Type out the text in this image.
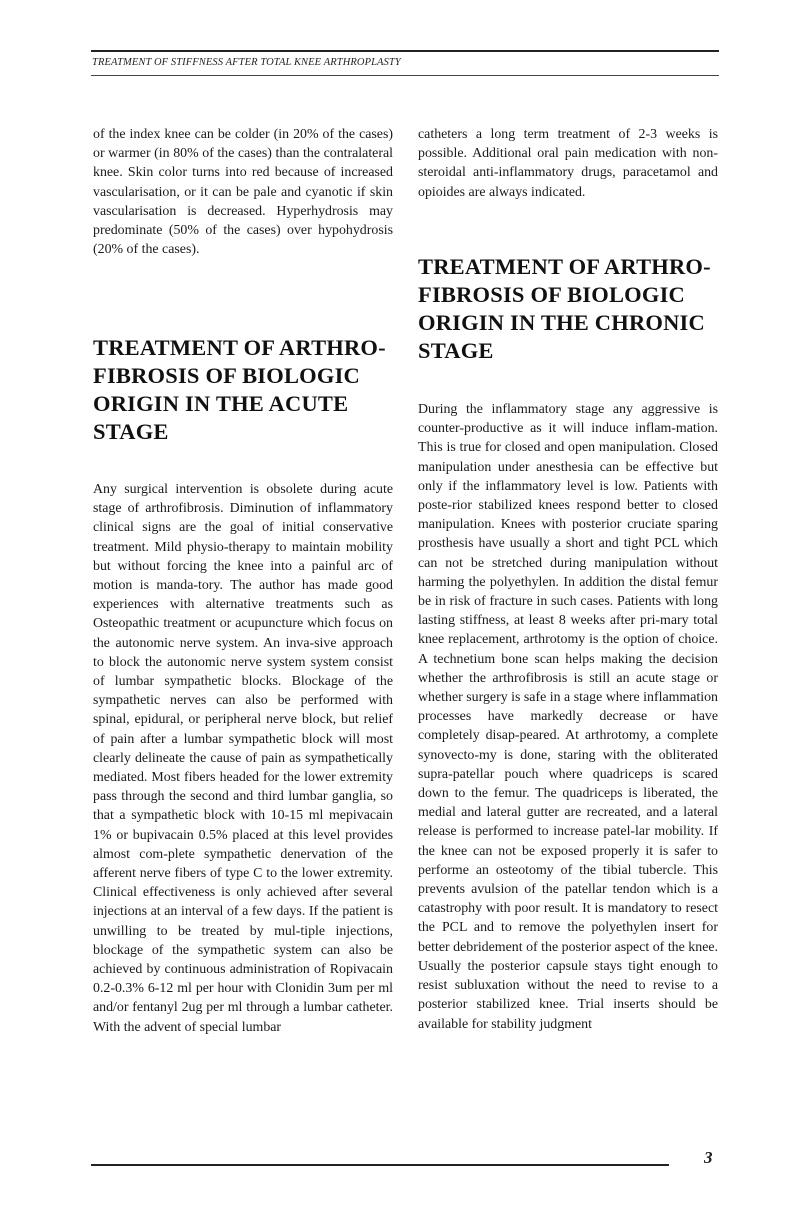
TREATMENT OF STIFFNESS AFTER TOTAL KNEE ARTHROPLASTY

of the index knee can be colder (in 20% of the cases) or warmer (in 80% of the cases) than the contralateral knee. Skin color turns into red because of increased vascularisation, or it can be pale and cyanotic if skin vascularisation is decreased. Hyperhydrosis may predominate (50% of the cases) over hypohydrosis (20% of the cases).

TREATMENT OF ARTHRO-FIBROSIS OF BIOLOGIC ORIGIN IN THE ACUTE STAGE

Any surgical intervention is obsolete during acute stage of arthrofibrosis. Diminution of inflammatory clinical signs are the goal of initial conservative treatment. Mild physio-therapy to maintain mobility but without forcing the knee into a painful arc of motion is manda-tory. The author has made good experiences with alternative treatments such as Osteopathic treatment or acupuncture which focus on the autonomic nerve system. An inva-sive approach to block the autonomic nerve system system consist of lumbar sympathetic blocks. Blockage of the sympathetic nerves can also be performed with spinal, epidural, or peripheral nerve block, but relief of pain after a lumbar sympathetic block will most clearly delineate the cause of pain as sympathetically mediated. Most fibers headed for the lower extremity pass through the second and third lumbar ganglia, so that a sympathetic block with 10-15 ml mepivacain 1% or bupivacain 0.5% placed at this level provides almost com-plete sympathetic denervation of the afferent nerve fibers of type C to the lower extremity. Clinical effectiveness is only achieved after several injections at an interval of a few days. If the patient is unwilling to be treated by mul-tiple injections, blockage of the sympathetic system can also be achieved by continuous administration of Ropivacain 0.2-0.3% 6-12 ml per hour with Clonidin 3um per ml and/or fentanyl 2ug per ml through a lumbar catheter. With the advent of special lumbar

catheters a long term treatment of 2-3 weeks is possible. Additional oral pain medication with non-steroidal anti-inflammatory drugs, paracetamol and opioides are always indicated.

TREATMENT OF ARTHRO-FIBROSIS OF BIOLOGIC ORIGIN IN THE CHRONIC STAGE

During the inflammatory stage any aggressive is counter-productive as it will induce inflam-mation. This is true for closed and open manipulation. Closed manipulation under anesthesia can be effective but only if the inflammatory level is low. Patients with poste-rior stabilized knees respond better to closed manipulation. Knees with posterior cruciate sparing prosthesis have usually a short and tight PCL which can not be stretched during manipulation without harming the polyethylen. In addition the distal femur be in risk of fracture in such cases. Patients with long lasting stiffness, at least 8 weeks after pri-mary total knee replacement, arthrotomy is the option of choice. A technetium bone scan helps making the decision whether the arthrofibrosis is still an acute stage or whether surgery is safe in a stage where inflammation processes have markedly decrease or have completely disap-peared. At arthrotomy, a complete synovecto-my is done, staring with the obliterated supra-patellar pouch where quadriceps is scared down to the femur. The quadriceps is liberated, the medial and lateral gutter are recreated, and a lateral release is performed to increase patel-lar mobility. If the knee can not be exposed properly it is safer to performe an osteotomy of the tibial tubercle. This prevents avulsion of the patellar tendon which is a catastrophy with poor result. It is mandatory to resect the PCL and to remove the polyethylen insert for better debridement of the posterior aspect of the knee. Usually the posterior capsule stays tight enough to resist subluxation without the need to revise to a posterior stabilized knee. Trial inserts should be available for stability judgment

3
